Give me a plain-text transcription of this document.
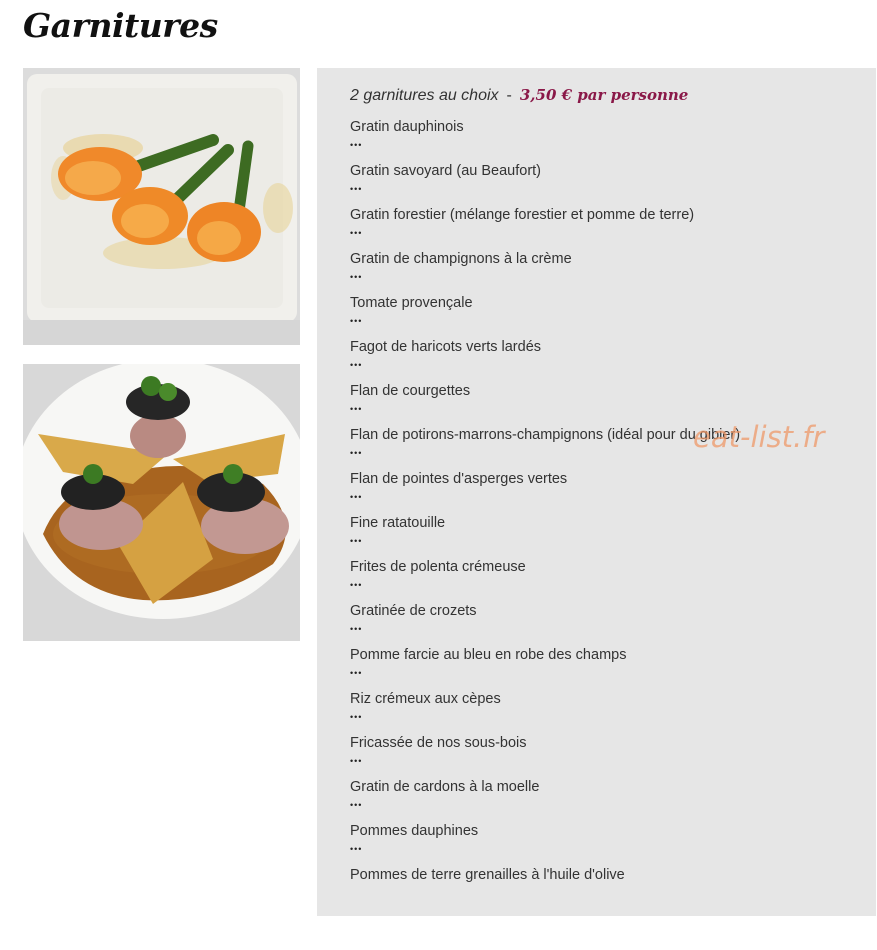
Garnitures
2 garnitures au choix - 3,50 € par personne
Gratin dauphinois
•••
Gratin savoyard (au Beaufort)
•••
Gratin forestier (mélange forestier et pomme de terre)
•••
Gratin de champignons à la crème
•••
Tomate provençale
•••
Fagot de haricots verts lardés
•••
Flan de courgettes
•••
Flan de potirons-marrons-champignons (idéal pour du gibier)
•••
Flan de pointes d'asperges vertes
•••
Fine ratatouille
•••
Frites de polenta crémeuse
•••
Gratinée de crozets
•••
Pomme farcie au bleu en robe des champs
•••
Riz crémeux aux cèpes
•••
Fricassée de nos sous-bois
•••
Gratin de cardons à la moelle
•••
Pommes dauphines
•••
Pommes de terre grenailles à l'huile d'olive
eat-list.fr
